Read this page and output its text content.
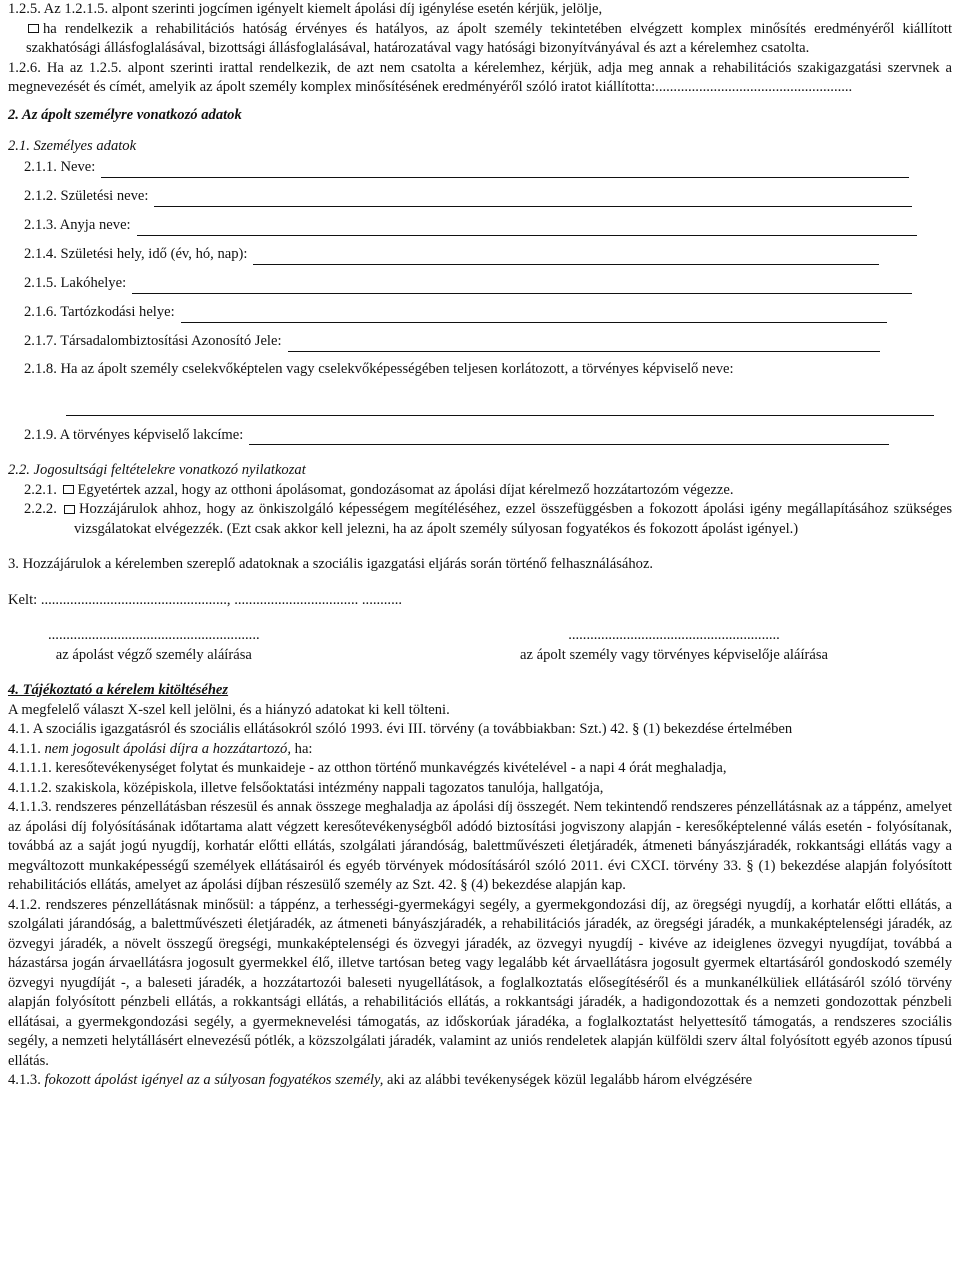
1.2.5. Az 1.2.1.5. alpont szerinti jogcímen igényelt kiemelt ápolási díj igénylése esetén kérjük, jelölje,

ha rendelkezik a rehabilitációs hatóság érvényes és hatályos, az ápolt személy tekintetében elvégzett komplex minősítés eredményéről kiállított szakhatósági állásfoglalásával, bizottsági állásfoglalásával, határozatával vagy hatósági bizonyítványával és azt a kérelemhez csatolta.

1.2.6. Ha az 1.2.5. alpont szerinti irattal rendelkezik, de azt nem csatolta a kérelemhez, kérjük, adja meg annak a rehabilitációs szakigazgatási szervnek a megnevezését és címét, amelyik az ápolt személy komplex minősítésének eredményéről szóló iratot kiállította:......................................................

2. Az ápolt személyre vonatkozó adatok

2.1. Személyes adatok

2.1.1. Neve:
2.1.2. Születési neve:
2.1.3. Anyja neve:
2.1.4. Születési hely, idő (év, hó, nap):
2.1.5. Lakóhelye:
2.1.6. Tartózkodási helye:
2.1.7. Társadalombiztosítási Azonosító Jele:

2.1.8. Ha az ápolt személy cselekvőképtelen vagy cselekvőképességében teljesen korlátozott, a törvényes képviselő neve:

2.1.9. A törvényes képviselő lakcíme:

2.2. Jogosultsági feltételekre vonatkozó nyilatkozat

2.2.1. Egyetértek azzal, hogy az otthoni ápolásomat, gondozásomat az ápolási díjat kérelmező hozzátartozóm végezze.

2.2.2. Hozzájárulok ahhoz, hogy az önkiszolgáló képességem megítéléséhez, ezzel összefüggésben a fokozott ápolási igény megállapításához szükséges vizsgálatokat elvégezzék. (Ezt csak akkor kell jelezni, ha az ápolt személy súlyosan fogyatékos és fokozott ápolást igényel.)

3. Hozzájárulok a kérelemben szereplő adatoknak a szociális igazgatási eljárás során történő felhasználásához.

Kelt: ..................................................., .................................. ...........

..........................................................
az ápolást végző személy aláírása
..........................................................
az ápolt személy vagy törvényes képviselője aláírása

4. Tájékoztató a kérelem kitöltéséhez

A megfelelő választ X-szel kell jelölni, és a hiányzó adatokat ki kell tölteni.

4.1. A szociális igazgatásról és szociális ellátásokról szóló 1993. évi III. törvény (a továbbiakban: Szt.) 42. § (1) bekezdése értelmében

4.1.1. nem jogosult ápolási díjra a hozzátartozó, ha:

4.1.1.1. keresőtevékenységet folytat és munkaideje - az otthon történő munkavégzés kivételével - a napi 4 órát meghaladja,

4.1.1.2. szakiskola, középiskola, illetve felsőoktatási intézmény nappali tagozatos tanulója, hallgatója,

4.1.1.3. rendszeres pénzellátásban részesül és annak összege meghaladja az ápolási díj összegét. Nem tekintendő rendszeres pénzellátásnak az a táppénz, amelyet az ápolási díj folyósításának időtartama alatt végzett keresőtevékenységből adódó biztosítási jogviszony alapján - keresőképtelenné válás esetén - folyósítanak, továbbá az a saját jogú nyugdíj, korhatár előtti ellátás, szolgálati járandóság, balettművészeti életjáradék, átmeneti bányászjáradék, rokkantsági ellátás vagy a megváltozott munkaképességű személyek ellátásairól és egyéb törvények módosításáról szóló 2011. évi CXCI. törvény 33. § (1) bekezdése alapján folyósított rehabilitációs ellátás, amelyet az ápolási díjban részesülő személy az Szt. 42. § (4) bekezdése alapján kap.

4.1.2. rendszeres pénzellátásnak minősül: a táppénz, a terhességi-gyermekágyi segély, a gyermekgondozási díj, az öregségi nyugdíj, a korhatár előtti ellátás, a szolgálati járandóság, a balettművészeti életjáradék, az átmeneti bányászjáradék, a rehabilitációs járadék, az öregségi járadék, a munkaképtelenségi járadék, az özvegyi járadék, a növelt összegű öregségi, munkaképtelenségi és özvegyi járadék, az özvegyi nyugdíj - kivéve az ideiglenes özvegyi nyugdíjat, továbbá a házastársa jogán árvaellátásra jogosult gyermekkel élő, illetve tartósan beteg vagy legalább két árvaellátásra jogosult gyermek eltartásáról gondoskodó személy özvegyi nyugdíját -, a baleseti járadék, a hozzátartozói baleseti nyugellátások, a foglalkoztatás elősegítéséről és a munkanélküliek ellátásáról szóló törvény alapján folyósított pénzbeli ellátás, a rokkantsági ellátás, a rehabilitációs ellátás, a rokkantsági járadék, a hadigondozottak és a nemzeti gondozottak pénzbeli ellátásai, a gyermekgondozási segély, a gyermeknevelési támogatás, az időskorúak járadéka, a foglalkoztatást helyettesítő támogatás, a rendszeres szociális segély, a nemzeti helytállásért elnevezésű pótlék, a közszolgálati járadék, valamint az uniós rendeletek alapján külföldi szerv által folyósított egyéb azonos típusú ellátás.

4.1.3. fokozott ápolást igényel az a súlyosan fogyatékos személy, aki az alábbi tevékenységek közül legalább három elvégzésére
